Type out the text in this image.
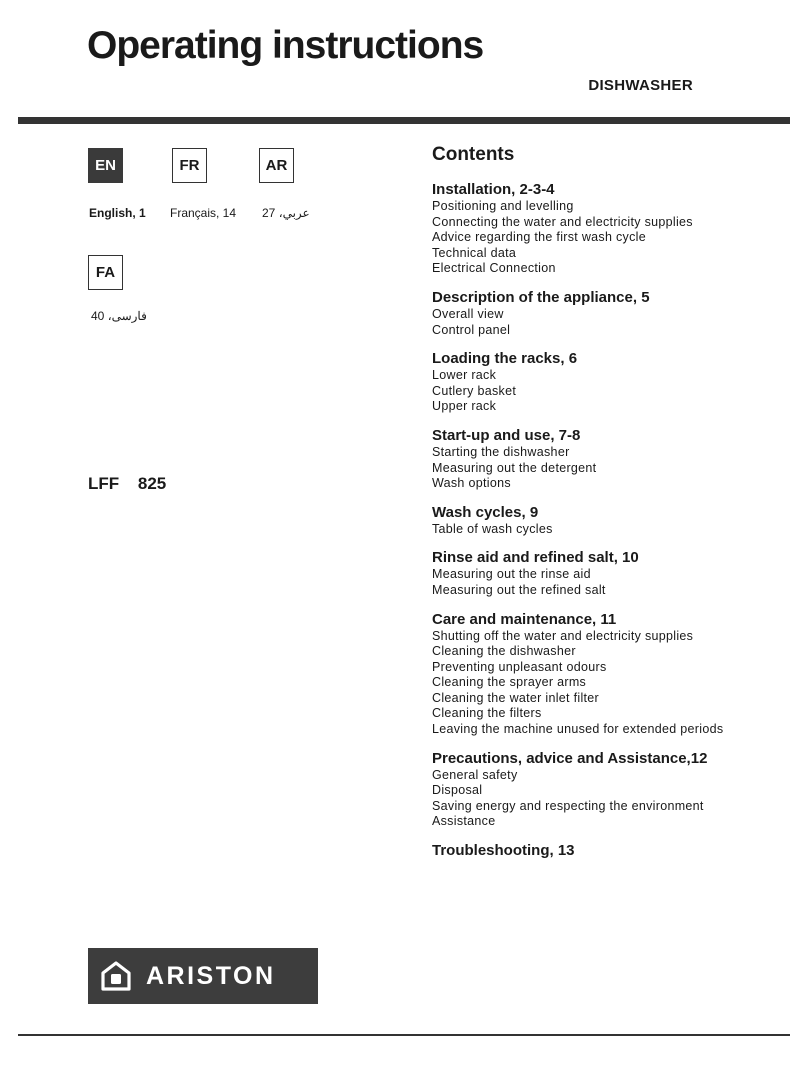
Operating instructions
DISHWASHER
EN	FR	AR
FA
English, 1 Français, 14 عربي، 27
فارسی، 40
LFF 825
Contents
Installation, 2-3-4
Positioning and levelling
Connecting the water and electricity supplies
Advice regarding the first wash cycle
Technical data
Electrical Connection
Description of the appliance, 5
Overall view
Control panel
Loading the racks, 6
Lower rack
Cutlery basket
Upper rack
Start-up and use, 7-8
Starting the dishwasher
Measuring out the detergent
Wash options
Wash cycles, 9
Table of wash cycles
Rinse aid and refined salt, 10
Measuring out the rinse aid
Measuring out the refined salt
Care and maintenance, 11
Shutting off the water and electricity supplies
Cleaning the dishwasher
Preventing unpleasant odours
Cleaning the sprayer arms
Cleaning the water inlet filter
Cleaning the filters
Leaving the machine unused for extended periods
Precautions, advice and Assistance,12
General safety
Disposal
Saving energy and respecting the environment
Assistance
Troubleshooting, 13
ARISTON
